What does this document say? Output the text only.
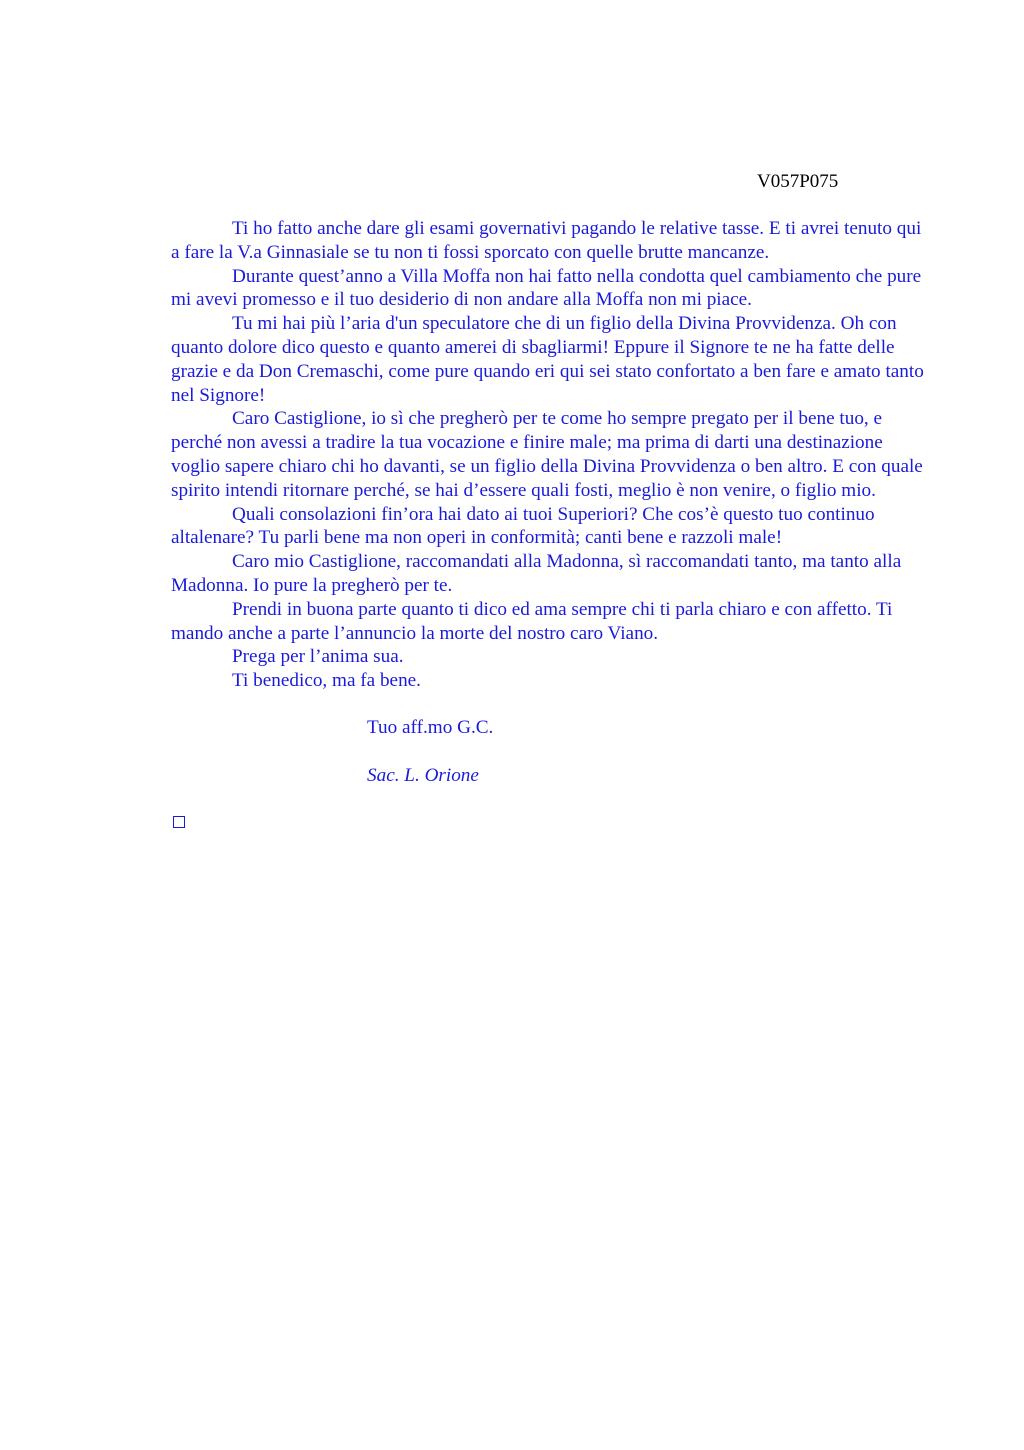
V057P075

Ti ho fatto anche dare gli esami governativi pagando le relative tasse. E ti avrei tenuto qui a fare la V.a Ginnasiale se tu non ti fossi sporcato con quelle brutte mancanze.

Durante quest’anno a Villa Moffa non hai fatto nella condotta quel cambiamento che pure mi avevi promesso e il tuo desiderio di non andare alla Moffa non mi piace.

Tu mi hai più l’aria d'un speculatore che di un figlio della Divina Provvidenza. Oh con quanto dolore dico questo e quanto amerei di sbagliarmi! Eppure il Signore te ne ha fatte delle grazie e da Don Cremaschi, come pure quando eri qui sei stato confortato a ben fare e amato tanto nel Signore!

Caro Castiglione, io sì che pregherò per te come ho sempre pregato per il bene tuo, e perché non avessi a tradire la tua vocazione e finire male; ma prima di darti una destinazione voglio sapere chiaro chi ho davanti, se un figlio della Divina Provvidenza o ben altro. E con quale spirito intendi ritornare perché, se hai d’essere quali fosti, meglio è non venire, o figlio mio.

Quali consolazioni fin’ora hai dato ai tuoi Superiori? Che cos’è questo tuo continuo altalenare? Tu parli bene ma non operi in conformità; canti bene e razzoli male!

Caro mio Castiglione, raccomandati alla Madonna, sì raccomandati tanto, ma tanto alla Madonna. Io pure la pregherò per te.

Prendi in buona parte quanto ti dico ed ama sempre chi ti parla chiaro e con affetto. Ti mando anche a parte l’annuncio la morte del nostro caro Viano.

Prega per l’anima sua.

Ti benedico, ma fa bene.

Tuo aff.mo G.C.
Sac. L. Orione
